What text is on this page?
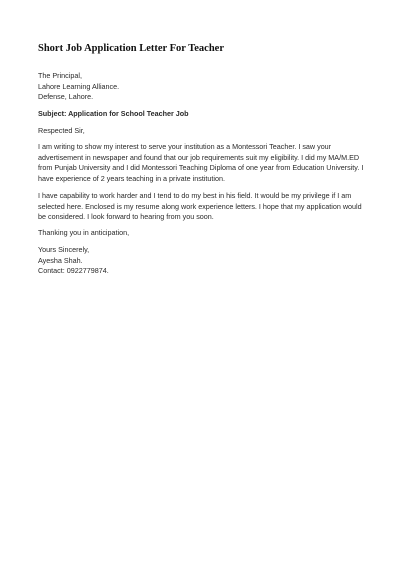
Short Job Application Letter For Teacher
The Principal,
Lahore Learning Alliance.
Defense, Lahore.
Subject: Application for School Teacher Job
Respected Sir,
I am writing to show my interest to serve your institution as a Montessori Teacher. I saw your
advertisement in newspaper and found that our job requirements suit my eligibility. I did my MA/M.ED
from Punjab University and I did Montessori Teaching Diploma of one year from Education University. I
have experience of 2 years teaching in a private institution.
I have capability to work harder and I tend to do my best in his field. It would be my privilege if I am
selected here. Enclosed is my resume along work experience letters. I hope that my application would
be considered. I look forward to hearing from you soon.
Thanking you in anticipation,
Yours Sincerely,
Ayesha Shah.
Contact: 0922779874.
